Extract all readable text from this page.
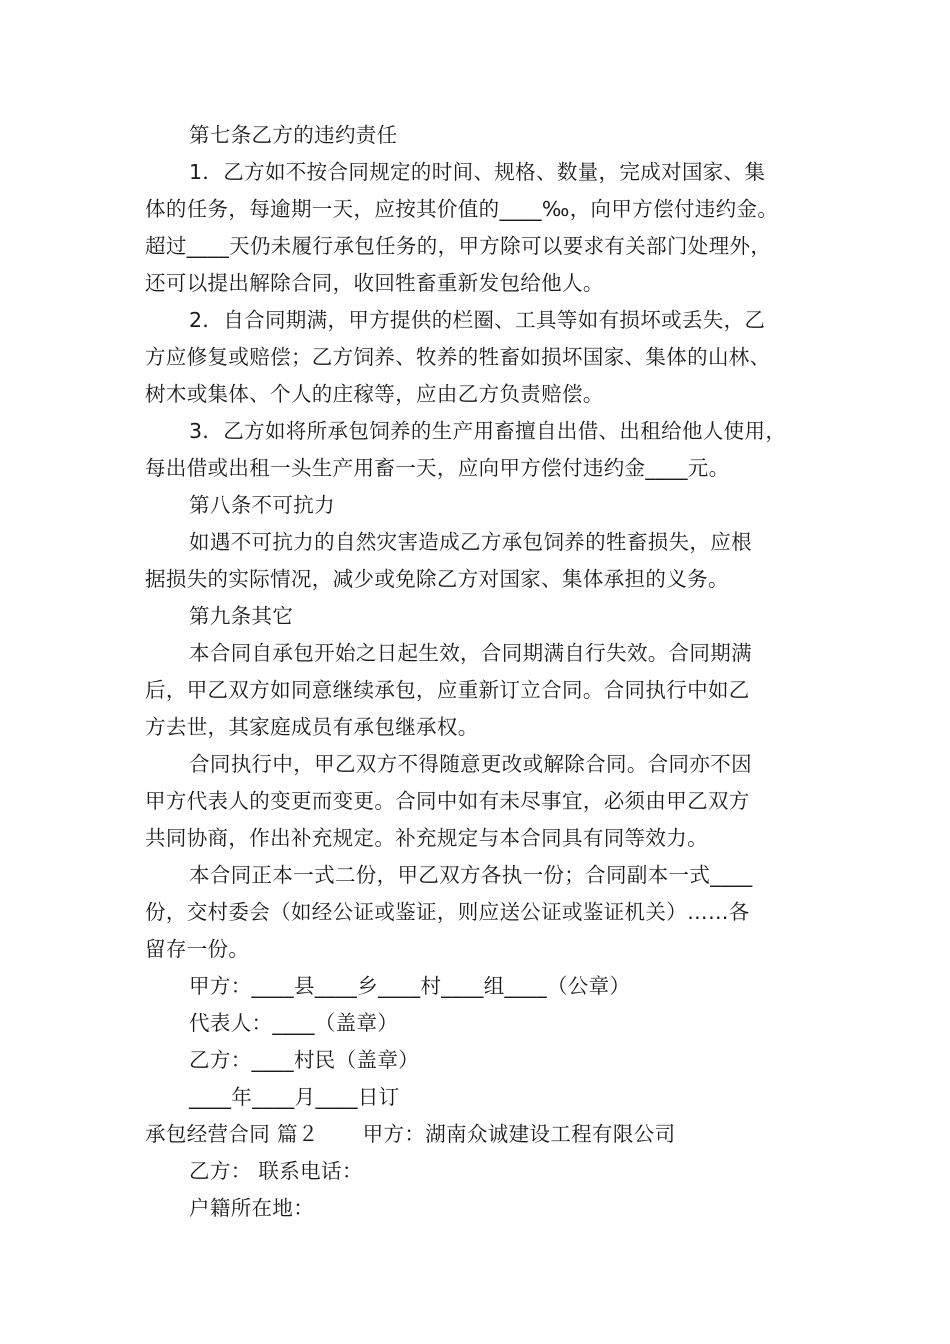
第七条乙方的违约责任

1．乙方如不按合同规定的时间、规格、数量，完成对国家、集

体的任务，每逾期一天，应按其价值的____‰，向甲方偿付违约金。

超过____天仍未履行承包任务的，甲方除可以要求有关部门处理外，

还可以提出解除合同，收回牲畜重新发包给他人。

2．自合同期满，甲方提供的栏圈、工具等如有损坏或丢失，乙

方应修复或赔偿；乙方饲养、牧养的牲畜如损坏国家、集体的山林、

树木或集体、个人的庄稼等，应由乙方负责赔偿。

3．乙方如将所承包饲养的生产用畜擅自出借、出租给他人使用，

每出借或出租一头生产用畜一天，应向甲方偿付违约金____元。

第八条不可抗力

如遇不可抗力的自然灾害造成乙方承包饲养的牲畜损失，应根

据损失的实际情况，减少或免除乙方对国家、集体承担的义务。

第九条其它

本合同自承包开始之日起生效，合同期满自行失效。合同期满

后，甲乙双方如同意继续承包，应重新订立合同。合同执行中如乙

方去世，其家庭成员有承包继承权。

合同执行中，甲乙双方不得随意更改或解除合同。合同亦不因

甲方代表人的变更而变更。合同中如有未尽事宜，必须由甲乙双方

共同协商，作出补充规定。补充规定与本合同具有同等效力。

本合同正本一式二份，甲乙双方各执一份；合同副本一式____

份，交村委会（如经公证或鉴证，则应送公证或鉴证机关）……各

留存一份。

甲方：____县____乡____村____组____（公章）

代表人：____（盖章）

乙方：____村民（盖章）

____年____月____日订

承包经营合同 篇２ 甲方：湖南众诚建设工程有限公司

乙方： 联系电话：

户籍所在地：
